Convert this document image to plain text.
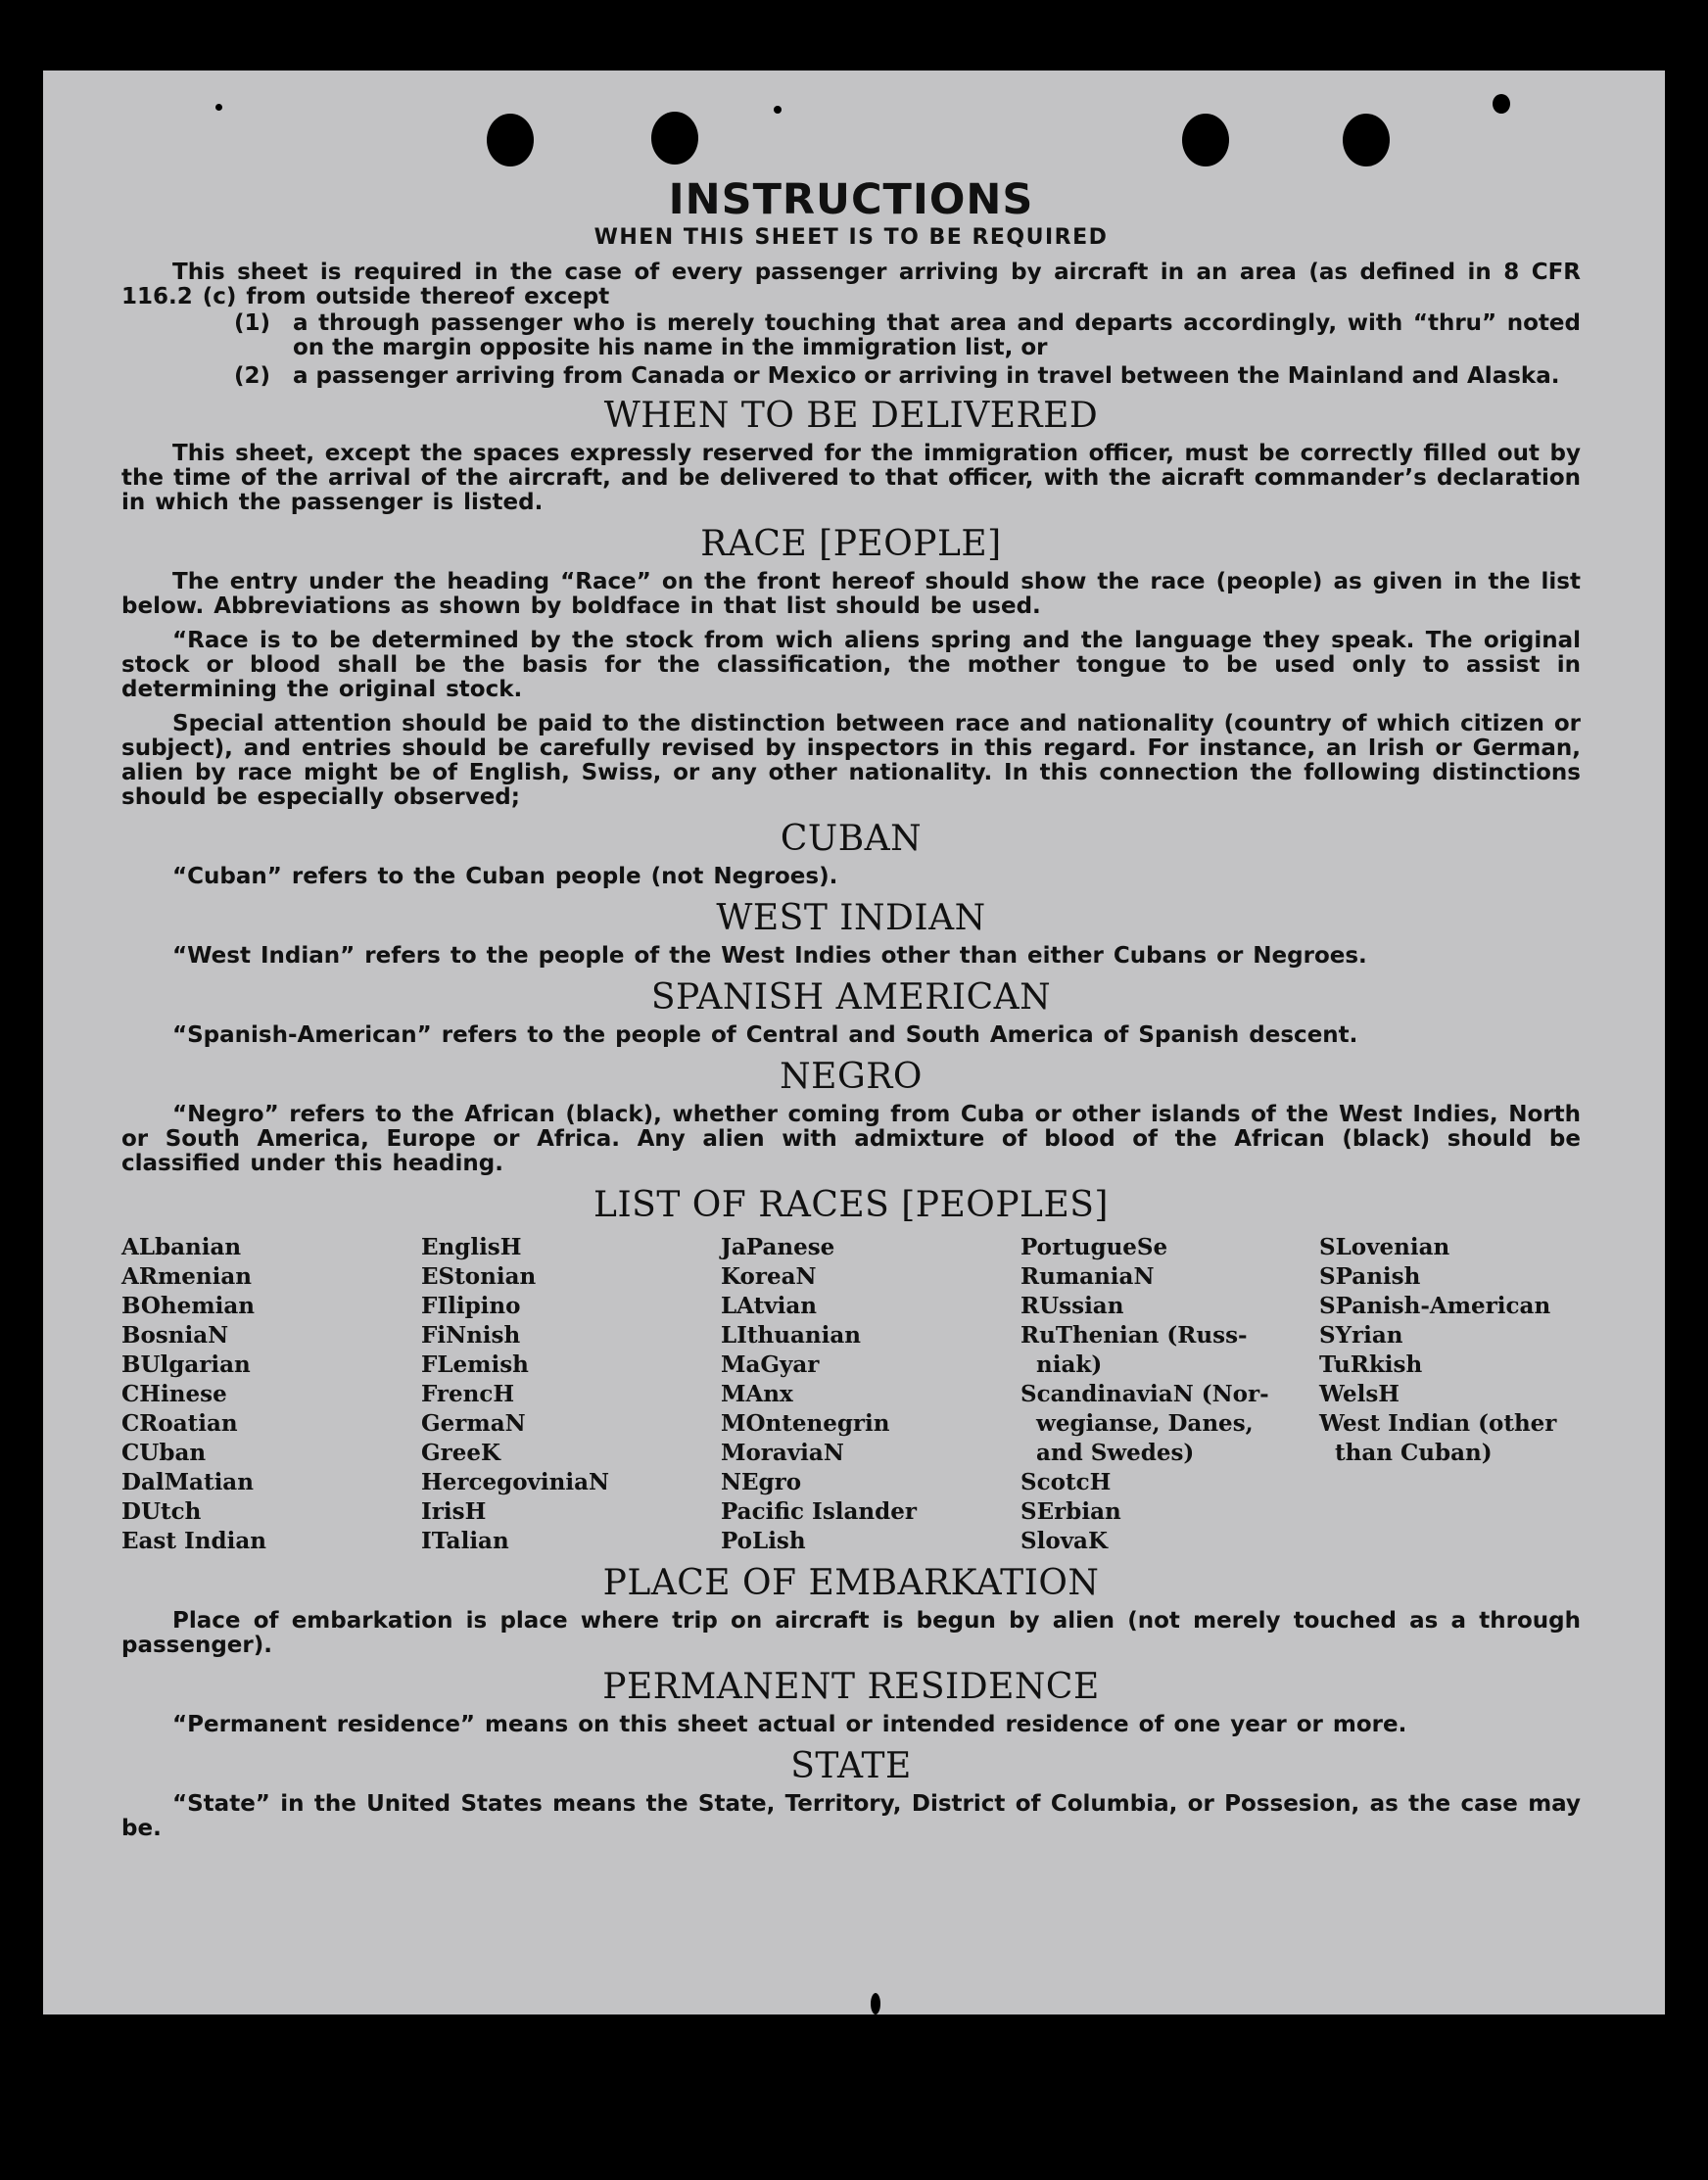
INSTRUCTIONS
WHEN THIS SHEET IS TO BE REQUIRED

This sheet is required in the case of every passenger arriving by aircraft in an area (as defined in 8 CFR 116.2 (c) from outside thereof except

(1) a through passenger who is merely touching that area and departs accordingly, with “thru” noted on the margin opposite his name in the immigration list, or
(2) a passenger arriving from Canada or Mexico or arriving in travel between the Mainland and Alaska.
WHEN TO BE DELIVERED

This sheet, except the spaces expressly reserved for the immigration officer, must be correctly filled out by the time of the arrival of the aircraft, and be delivered to that officer, with the aicraft commander’s declaration in which the passenger is listed.

RACE [PEOPLE]

The entry under the heading “Race” on the front hereof should show the race (people) as given in the list below. Abbreviations as shown by boldface in that list should be used.

“Race is to be determined by the stock from wich aliens spring and the language they speak. The original stock or blood shall be the basis for the classification, the mother tongue to be used only to assist in determining the original stock.

Special attention should be paid to the distinction between race and nationality (country of which citizen or subject), and entries should be carefully revised by inspectors in this regard. For instance, an Irish or German, alien by race might be of English, Swiss, or any other nationality. In this connection the following distinctions should be especially observed;

CUBAN

“Cuban” refers to the Cuban people (not Negroes).

WEST INDIAN

“West Indian” refers to the people of the West Indies other than either Cubans or Negroes.

SPANISH AMERICAN

“Spanish-American” refers to the people of Central and South America of Spanish descent.

NEGRO

“Negro” refers to the African (black), whether coming from Cuba or other islands of the West Indies, North or South America, Europe or Africa. Any alien with admixture of blood of the African (black) should be classified under this heading.

LIST OF RACES [PEOPLES]
ALbanian
ARmenian
BOhemian
BosniaN
BUlgarian
CHinese
CRoatian
CUban
DalMatian
DUtch
East Indian
EnglisH
EStonian
FIlipino
FiNnish
FLemish
FrencH
GermaN
GreeK
HercegoviniaN
IrisH
ITalian
JaPanese
KoreaN
LAtvian
LIthuanian
MaGyar
MAnx
MOntenegrin
MoraviaN
NEgro
Pacific Islander
PoLish
PortugueSe
RumaniaN
RUssian
RuThenian (Russ-
niak)
ScandinaviaN (Nor-
wegianse, Danes,
and Swedes)
ScotcH
SErbian
SlovaK
SLovenian
SPanish
SPanish-American
SYrian
TuRkish
WelsH
West Indian (other
than Cuban)
PLACE OF EMBARKATION

Place of embarkation is place where trip on aircraft is begun by alien (not merely touched as a through passenger).

PERMANENT RESIDENCE

“Permanent residence” means on this sheet actual or intended residence of one year or more.

STATE

“State” in the United States means the State, Territory, District of Columbia, or Possesion, as the case may be.
